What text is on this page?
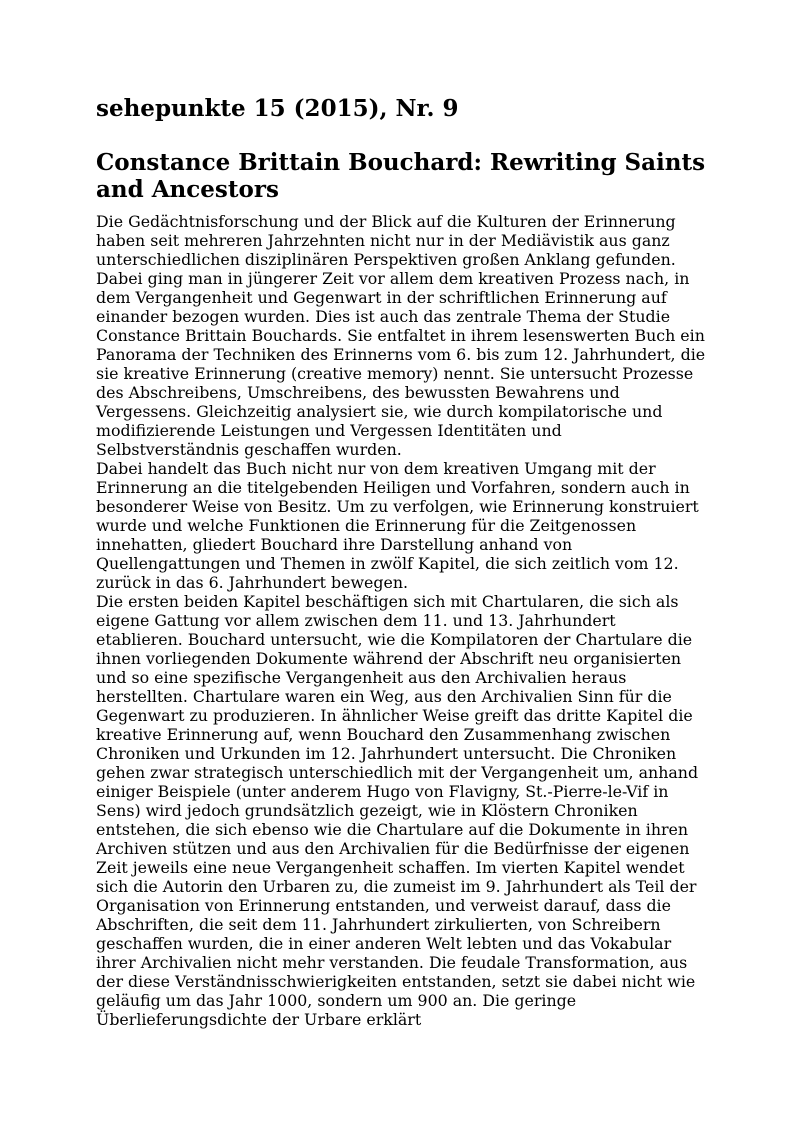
sehepunkte 15 (2015), Nr. 9
Constance Brittain Bouchard: Rewriting Saints and Ancestors

Die Gedächtnisforschung und der Blick auf die Kulturen der Erinnerung haben seit mehreren Jahrzehnten nicht nur in der Mediävistik aus ganz unterschiedlichen disziplinären Perspektiven großen Anklang gefunden. Dabei ging man in jüngerer Zeit vor allem dem kreativen Prozess nach, in dem Vergangenheit und Gegenwart in der schriftlichen Erinnerung auf einander bezogen wurden. Dies ist auch das zentrale Thema der Studie Constance Brittain Bouchards. Sie entfaltet in ihrem lesenswerten Buch ein Panorama der Techniken des Erinnerns vom 6. bis zum 12. Jahrhundert, die sie kreative Erinnerung (creative memory) nennt. Sie untersucht Prozesse des Abschreibens, Umschreibens, des bewussten Bewahrens und Vergessens. Gleichzeitig analysiert sie, wie durch kompilatorische und modifizierende Leistungen und Vergessen Identitäten und Selbstverständnis geschaffen wurden.

Dabei handelt das Buch nicht nur von dem kreativen Umgang mit der Erinnerung an die titelgebenden Heiligen und Vorfahren, sondern auch in besonderer Weise von Besitz. Um zu verfolgen, wie Erinnerung konstruiert wurde und welche Funktionen die Erinnerung für die Zeitgenossen innehatten, gliedert Bouchard ihre Darstellung anhand von Quellengattungen und Themen in zwölf Kapitel, die sich zeitlich vom 12. zurück in das 6. Jahrhundert bewegen.

Die ersten beiden Kapitel beschäftigen sich mit Chartularen, die sich als eigene Gattung vor allem zwischen dem 11. und 13. Jahrhundert etablieren. Bouchard untersucht, wie die Kompilatoren der Chartulare die ihnen vorliegenden Dokumente während der Abschrift neu organisierten und so eine spezifische Vergangenheit aus den Archivalien heraus herstellten. Chartulare waren ein Weg, aus den Archivalien Sinn für die Gegenwart zu produzieren. In ähnlicher Weise greift das dritte Kapitel die kreative Erinnerung auf, wenn Bouchard den Zusammenhang zwischen Chroniken und Urkunden im 12. Jahrhundert untersucht. Die Chroniken gehen zwar strategisch unterschiedlich mit der Vergangenheit um, anhand einiger Beispiele (unter anderem Hugo von Flavigny, St.-Pierre-le-Vif in Sens) wird jedoch grundsätzlich gezeigt, wie in Klöstern Chroniken entstehen, die sich ebenso wie die Chartulare auf die Dokumente in ihren Archiven stützen und aus den Archivalien für die Bedürfnisse der eigenen Zeit jeweils eine neue Vergangenheit schaffen. Im vierten Kapitel wendet sich die Autorin den Urbaren zu, die zumeist im 9. Jahrhundert als Teil der Organisation von Erinnerung entstanden, und verweist darauf, dass die Abschriften, die seit dem 11. Jahrhundert zirkulierten, von Schreibern geschaffen wurden, die in einer anderen Welt lebten und das Vokabular ihrer Archivalien nicht mehr verstanden. Die feudale Transformation, aus der diese Verständnisschwierigkeiten entstanden, setzt sie dabei nicht wie geläufig um das Jahr 1000, sondern um 900 an. Die geringe Überlieferungsdichte der Urbare erklärt
